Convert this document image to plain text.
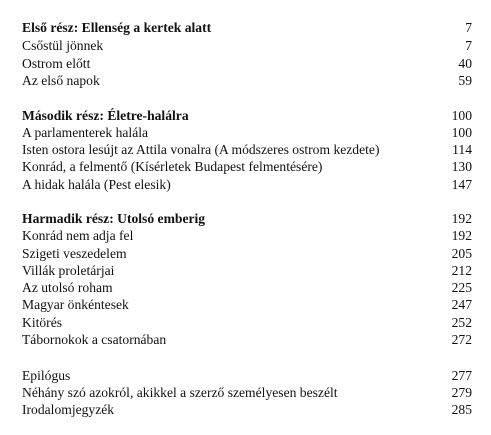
Első rész: Ellenség a kertek alatt	7
Csőstül jönnek	7
Ostrom előtt	40
Az első napok	59
Második rész: Életre-halálra	100
A parlamenterek halála	100
Isten ostora lesújt az Attila vonalra (A módszeres ostrom kezdete)	114
Konrád, a felmentő (Kísérletek Budapest felmentésére)	130
A hidak halála (Pest elesik)	147
Harmadik rész: Utolsó emberig	192
Konrád nem adja fel	192
Szigeti veszedelem	205
Villák proletárjai	212
Az utolsó roham	225
Magyar önkéntesek	247
Kitörés	252
Tábornokok a csatornában	272
Epilógus	277
Néhány szó azokról, akikkel a szerző személyesen beszélt	279
Irodalomjegyzék	285
